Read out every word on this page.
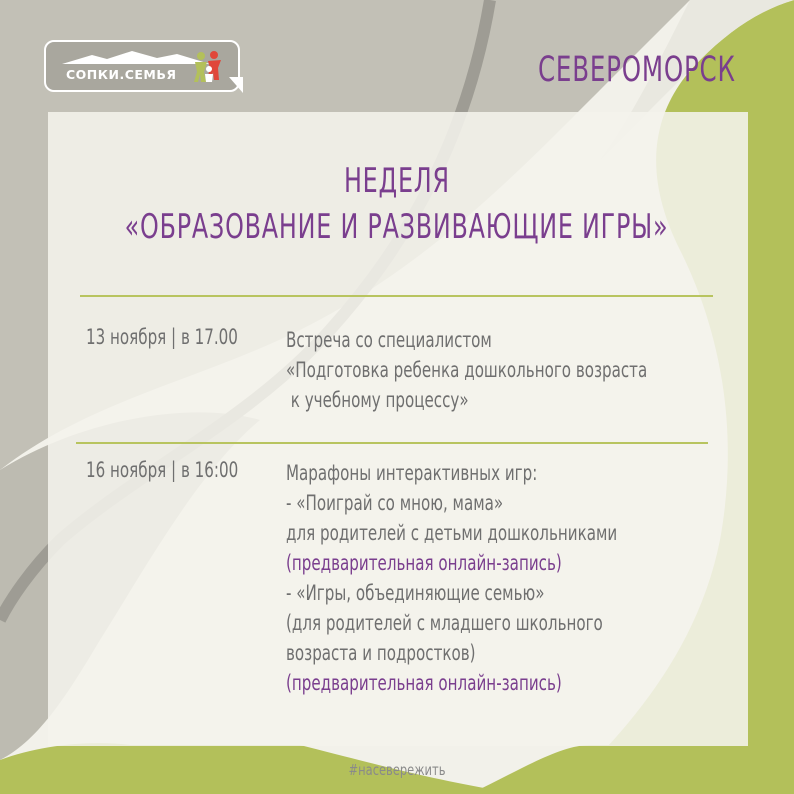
СОПКИ.СЕМЬЯ	СЕВЕРОМОРСК
НЕДЕЛЯ
«ОБРАЗОВАНИЕ И РАЗВИВАЮЩИЕ ИГРЫ»
13 ноября | в 17.00 Встреча со специалистом
«Подготовка ребенка дошкольного возраста
к учебному процессу»
16 ноября | в 16:00 Марафоны интерактивных игр:
- «Поиграй со мною, мама»
для родителей с детьми дошкольниками
(предварительная онлайн-запись)
- «Игры, объединяющие семью»
(для родителей с младшего школьного
возраста и подростков)
(предварительная онлайн-запись)
#насевережить
